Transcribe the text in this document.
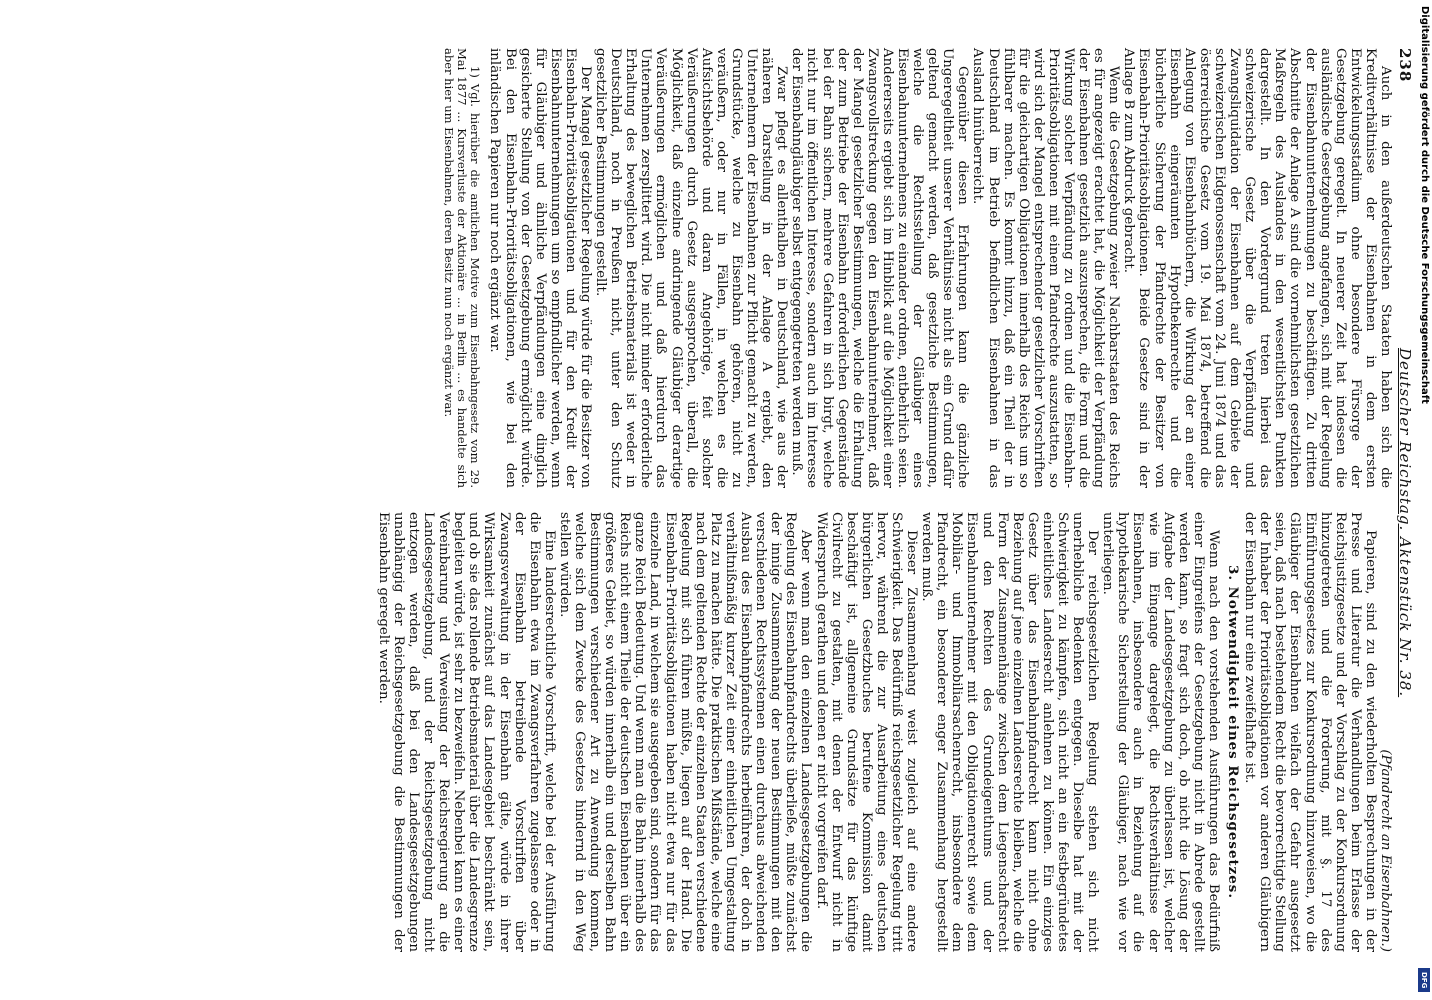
238
Deutscher Reichstag. Aktenstück Nr. 38.

Auch in den außerdeutschen Staaten haben sich die Kreditverhältnisse der Eisenbahnen in dem ersten Entwickelungsstadium ohne besondere Fürsorge der Gesetzgebung geregelt. In neuerer Zeit hat indessen die ausländische Gesetzgebung angefangen, sich mit der Regelung der Eisenbahnunternehmungen zu beschäftigen. Zu dritten Abschnitte der Anlage A sind die vornehmlichsten gesetzlichen Maßregeln des Auslandes in den wesentlichsten Punkten dargestellt. In den Vordergrund treten hierbei das schweizerische Gesetz über die Verpfändung und Zwangsliquidation der Eisenbahnen auf dem Gebiete der schweizerischen Eidgenossenschaft vom 24. Juni 1874 und das österreichische Gesetz vom 19. Mai 1874, betreffend die Anlegung von Eisenbahnbüchern, die Wirkung der an einer Eisenbahn eingeräumten Hypothekenrechte und die bücherliche Sicherung der Pfandrechte der Besitzer von Eisenbahn-Prioritätsobligationen. Beide Gesetze sind in der Anlage B zum Abdruck gebracht.

Wenn die Gesetzgebung zweier Nachbarstaaten des Reichs es für angezeigt erachtet hat, die Möglichkeit der Verpfändung der Eisenbahnen gesetzlich auszusprechen, die Form und die Wirkung solcher Verpfändung zu ordnen und die Eisenbahn-Prioritätsobligationen mit einem Pfandrechte auszustatten, so wird sich der Mangel entsprechender gesetzlicher Vorschriften für die gleichartigen Obligationen innerhalb des Reichs um so fühlbarer machen. Es kommt hinzu, daß ein Theil der in Deutschland im Betrieb befindlichen Eisenbahnen in das Ausland hinüberreicht.

Gegenüber diesen Erfahrungen kann die gänzliche Ungeregeltheit unserer Verhältnisse nicht als ein Grund dafür geltend gemacht werden, daß gesetzliche Bestimmungen, welche die Rechtsstellung der Gläubiger eines Eisenbahnunternehmens zu einander ordnen, entbehrlich seien. Andererseits ergiebt sich im Hinblick auf die Möglichkeit einer Zwangsvollstreckung gegen den Eisenbahnunternehmer, daß der Mangel gesetzlicher Bestimmungen, welche die Erhaltung der zum Betriebe der Eisenbahn erforderlichen Gegenstände bei der Bahn sichern, mehrere Gefahren in sich birgt, welche nicht nur im öffentlichen Interesse, sondern auch im Interesse der Eisenbahngläubiger selbst entgegengetreten werden muß.

Zwar pflegt es allenthalben in Deutschland, wie aus der näheren Darstellung in der Anlage A ergiebt, den Unternehmern der Eisenbahnen zur Pflicht gemacht zu werden, Grundstücke, welche zu Eisenbahn gehören, nicht zu veräußern, oder nur in Fällen, in welchen es die Aufsichtsbehörde und daran Angehörige, feit solcher Veräußerungen durch Gesetz ausgesprochen, überall, die Möglichkeit, daß einzelne andringende Gläubiger derartige Veräußerungen ermöglichen und daß hierdurch das Unternehmen zersplittert wird. Die nicht minder erforderliche Erhaltung des beweglichen Betriebsmaterials ist weder in Deutschland, noch in Preußen nicht, unter den Schutz gesetzlicher Bestimmungen gestellt.

Der Mangel gesetzlicher Regelung würde für die Besitzer von Eisenbahn-Prioritätsobligationen und für den Kredit der Eisenbahnunternehmungen um so empfindlicher werden, wenn für Gläubiger und ähnliche Verpfändungen eine dinglich gesicherte Stellung von der Gesetzgebung ermöglicht würde. Bei den Eisenbahn-Prioritätsobligationen, wie bei den inländischen Papieren nur noch ergänzt war.

1) Vgl. hierüber die amtlichen Motive zum Eisenbahngesetz vom 29. Mai 1877 ... Kursverluste der Aktionäre ... in Berlin ... es handelte sich aber hier um Eisenbahnen, deren Besitz nun noch ergänzt war.

(Pfandrecht an Eisenbahnen.)

Papieren, sind zu den wiederholten Besprechungen in der Presse und Literatur die Verhandlungen beim Erlasse der Reichsjustizgesetze und der Vorschlag zu der Konkursordnung hinzugetreten und die Forderung, mit §. 17 des Einführungsgesetzes zur Konkursordnung hinzuweisen, wo die Gläubiger der Eisenbahnen vielfach der Gefahr ausgesetzt seien, daß nach bestehendem Recht die bevorrechtigte Stellung der Inhaber der Prioritätsobligationen vor anderen Gläubigern der Eisenbahn nur eine zweifelhafte ist.

3. Notwendigkeit eines Reichsgesetzes.

Wenn nach den vorstehenden Ausführungen das Bedürfniß einer Eingreifens der Gesetzgebung nicht in Abrede gestellt werden kann, so fragt sich doch, ob nicht die Lösung der Aufgabe der Landesgesetzgebung zu überlassen ist, welcher wie im Eingange dargelegt, die Rechtsverhältnisse der Eisenbahnen, insbesondere auch in Beziehung auf die hypothekarische Sicherstellung der Gläubiger, nach wie vor unterliegen.

Der reichsgesetzlichen Regelung stehen sich nicht unerhebliche Bedenken entgegen. Dieselbe hat mit der Schwierigkeit zu kämpfen, sich nicht an ein festbegründetes einheitliches Landesrecht anlehnen zu können. Ein einziges Gesetz über das Eisenbahnpfandrecht kann nicht ohne Beziehung auf jene einzelnen Landesrechte bleiben, welche die Form der Zusammenhänge zwischen dem Liegenschaftsrecht und den Rechten des Grundeigenthums und der Eisenbahnunternehmer mit den Obligationenrecht sowie dem Mobiliar- und Immobiliarsachenrecht, insbesondere dem Pfandrecht, ein besonderer enger Zusammenhang hergestellt werden muß.

Dieser Zusammenhang weist zugleich auf eine andere Schwierigkeit. Das Bedürfniß reichsgesetzlicher Regelung tritt hervor, während die zur Ausarbeitung eines deutschen bürgerlichen Gesetzbuches berufene Kommission damit beschäftigt ist, allgemeine Grundsätze für das künftige Civilrecht zu gestalten, mit denen der Entwurf nicht in Widerspruch gerathen und denen er nicht vorgreifen darf.

Aber wenn man den einzelnen Landesgesetzgebungen die Regelung des Eisenbahnpfandrechts überließe, müßte zunächst der innige Zusammenhang der neuen Bestimmungen mit den verschiedenen Rechtssystemen einen durchaus abweichenden Ausbau des Eisenbahnpfandrechts herbeiführen, der doch in verhältnißmäßig kurzer Zeit einer einheitlichen Umgestaltung Platz zu machen hätte. Die praktischen Mißstände, welche eine nach dem geltenden Rechte der einzelnen Staaten verschiedene Regelung mit sich führen müßte, liegen auf der Hand. Die Eisenbahn-Prioritätsobligationen haben nicht etwa nur für das einzelne Land, in welchem sie ausgegeben sind, sondern für das ganze Reich Bedeutung. Und wenn man die Bahn innerhalb des Reichs nicht einem Theile der deutschen Eisenbahnen über ein größeres Gebiet, so würden innerhalb ein und derselben Bahn Bestimmungen verschiedener Art zu Anwendung kommen, welche sich dem Zwecke des Gesetzes hindernd in den Weg stellen würden.

Eine landesrechtliche Vorschrift, welche bei der Ausführung die Eisenbahn etwa im Zwangsverfahren zugelassene oder in der Eisenbahn betreibende Vorschriften über Zwangsverwaltung in der Eisenbahn gälte, würde in ihrer Wirksamkeit zunächst auf das Landesgebiet beschränkt sein, und ob sie das rollende Betriebsmaterial über die Landesgrenze begleiten würde, ist sehr zu bezweifeln. Nebenbei kann es einer Vereinbarung und Verweisung der Reichsregierung an die Landesgesetzgebung, und der Reichsgesetzgebung nicht entzogen werden, daß bei den Landesgesetzgebungen unabhängig der Reichsgesetzgebung die Bestimmungen der Eisenbahn geregelt werden.

Digitalisierung gefördert durch die Deutsche Forschungsgemeinschaft
DFG
